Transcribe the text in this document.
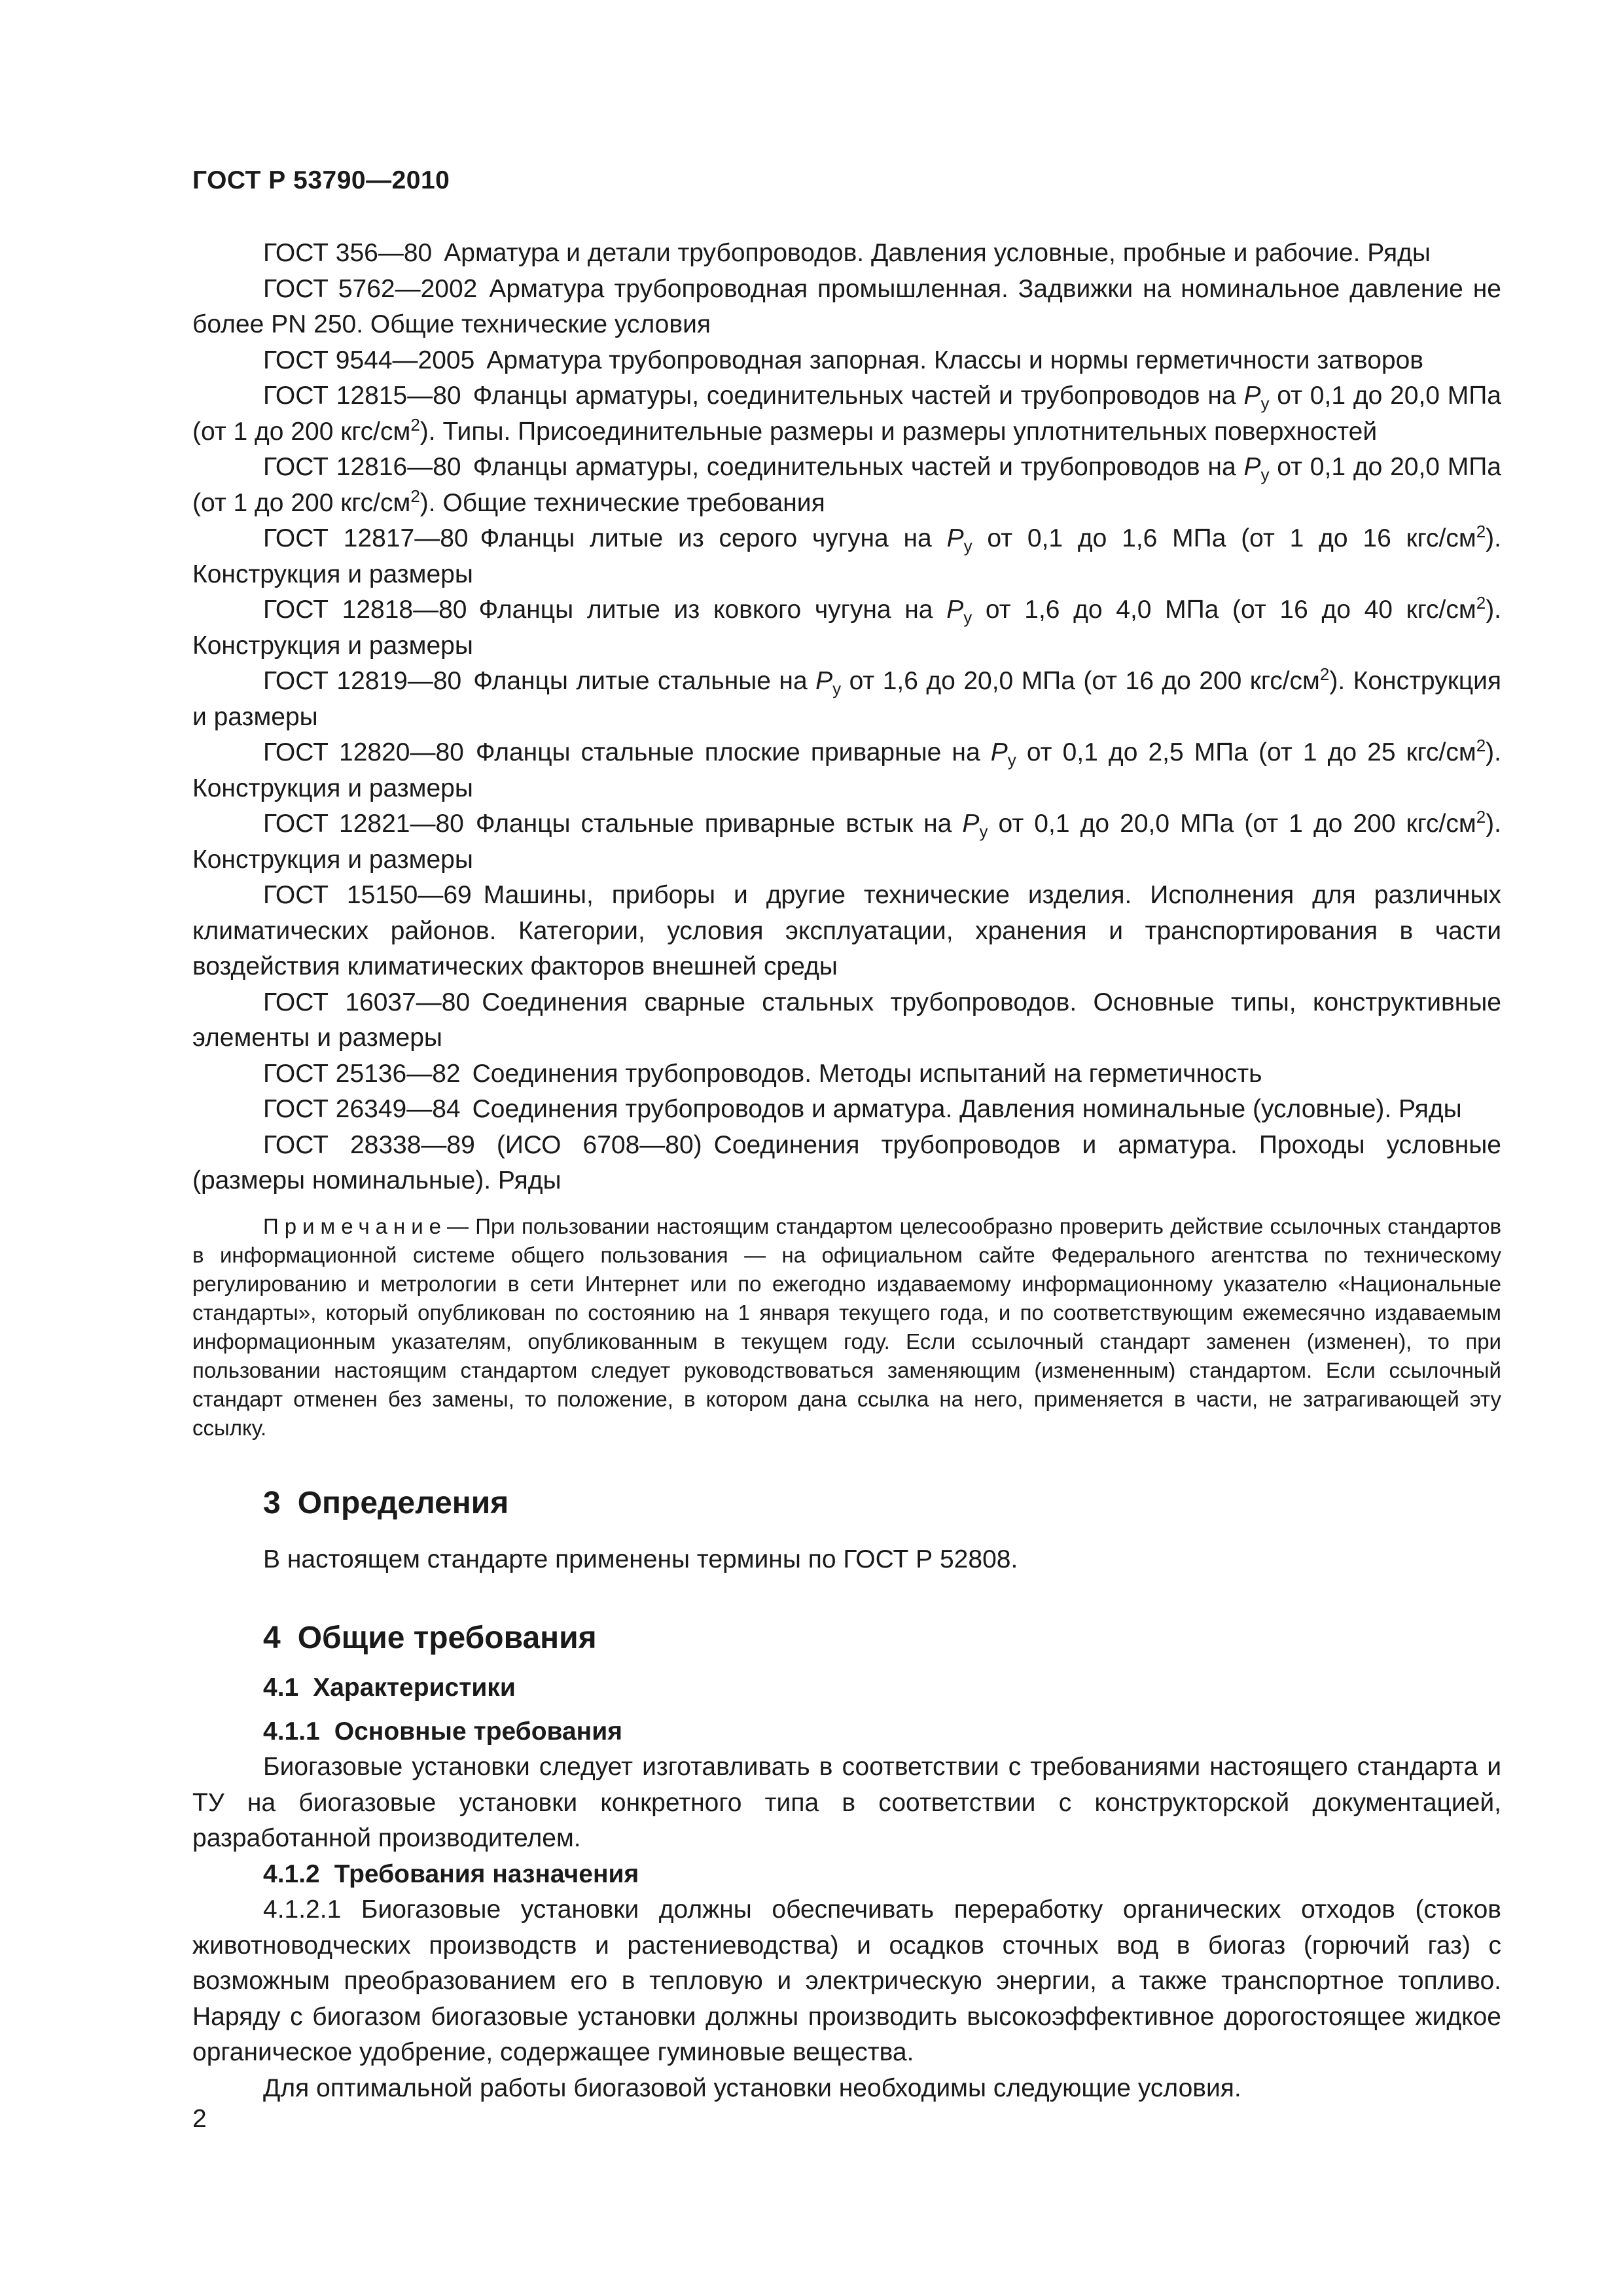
ГОСТ Р 53790—2010

ГОСТ 356—80 Арматура и детали трубопроводов. Давления условные, пробные и рабочие. Ряды

ГОСТ 5762—2002 Арматура трубопроводная промышленная. Задвижки на номинальное давление не более PN 250. Общие технические условия

ГОСТ 9544—2005 Арматура трубопроводная запорная. Классы и нормы герметичности затворов

ГОСТ 12815—80 Фланцы арматуры, соединительных частей и трубопроводов на $P_у$ от 0,1 до 20,0 МПа (от 1 до 200 кгс/$см^2$). Типы. Присоединительные размеры и размеры уплотнительных поверхностей

ГОСТ 12816—80 Фланцы арматуры, соединительных частей и трубопроводов на $P_у$ от 0,1 до 20,0 МПа (от 1 до 200 кгс/$см^2$). Общие технические требования

ГОСТ 12817—80 Фланцы литые из серого чугуна на $P_у$ от 0,1 до 1,6 МПа (от 1 до 16 кгс/$см^2$). Конструкция и размеры

ГОСТ 12818—80 Фланцы литые из ковкого чугуна на $P_у$ от 1,6 до 4,0 МПа (от 16 до 40 кгс/$см^2$). Конструкция и размеры

ГОСТ 12819—80 Фланцы литые стальные на $P_у$ от 1,6 до 20,0 МПа (от 16 до 200 кгс/$см^2$). Конструкция и размеры

ГОСТ 12820—80 Фланцы стальные плоские приварные на $P_у$ от 0,1 до 2,5 МПа (от 1 до 25 кгс/$см^2$). Конструкция и размеры

ГОСТ 12821—80 Фланцы стальные приварные встык на $P_у$ от 0,1 до 20,0 МПа (от 1 до 200 кгс/$см^2$). Конструкция и размеры

ГОСТ 15150—69 Машины, приборы и другие технические изделия. Исполнения для различных климатических районов. Категории, условия эксплуатации, хранения и транспортирования в части воздействия климатических факторов внешней среды

ГОСТ 16037—80 Соединения сварные стальных трубопроводов. Основные типы, конструктивные элементы и размеры

ГОСТ 25136—82 Соединения трубопроводов. Методы испытаний на герметичность

ГОСТ 26349—84 Соединения трубопроводов и арматура. Давления номинальные (условные). Ряды

ГОСТ 28338—89 (ИСО 6708—80) Соединения трубопроводов и арматура. Проходы условные (размеры номинальные). Ряды

Примечание— При пользовании настоящим стандартом целесообразно проверить действие ссылочных стандартов в информационной системе общего пользования — на официальном сайте Федерального агентства по техническому регулированию и метрологии в сети Интернет или по ежегодно издаваемому информационному указателю «Национальные стандарты», который опубликован по состоянию на 1 января текущего года, и по соответствующим ежемесячно издаваемым информационным указателям, опубликованным в текущем году. Если ссылочный стандарт заменен (изменен), то при пользовании настоящим стандартом следует руководствоваться заменяющим (измененным) стандартом. Если ссылочный стандарт отменен без замены, то положение, в котором дана ссылка на него, применяется в части, не затрагивающей эту ссылку.

3 Определения

В настоящем стандарте применены термины по ГОСТ Р 52808.

4 Общие требования
4.1 Характеристики
4.1.1 Основные требования

Биогазовые установки следует изготавливать в соответствии с требованиями настоящего стандарта и ТУ на биогазовые установки конкретного типа в соответствии с конструкторской документацией, разработанной производителем.

4.1.2 Требования назначения

4.1.2.1 Биогазовые установки должны обеспечивать переработку органических отходов (стоков животноводческих производств и растениеводства) и осадков сточных вод в биогаз (горючий газ) с возможным преобразованием его в тепловую и электрическую энергии, а также транспортное топливо. Наряду с биогазом биогазовые установки должны производить высокоэффективное дорогостоящее жидкое органическое удобрение, содержащее гуминовые вещества.

Для оптимальной работы биогазовой установки необходимы следующие условия.

2
